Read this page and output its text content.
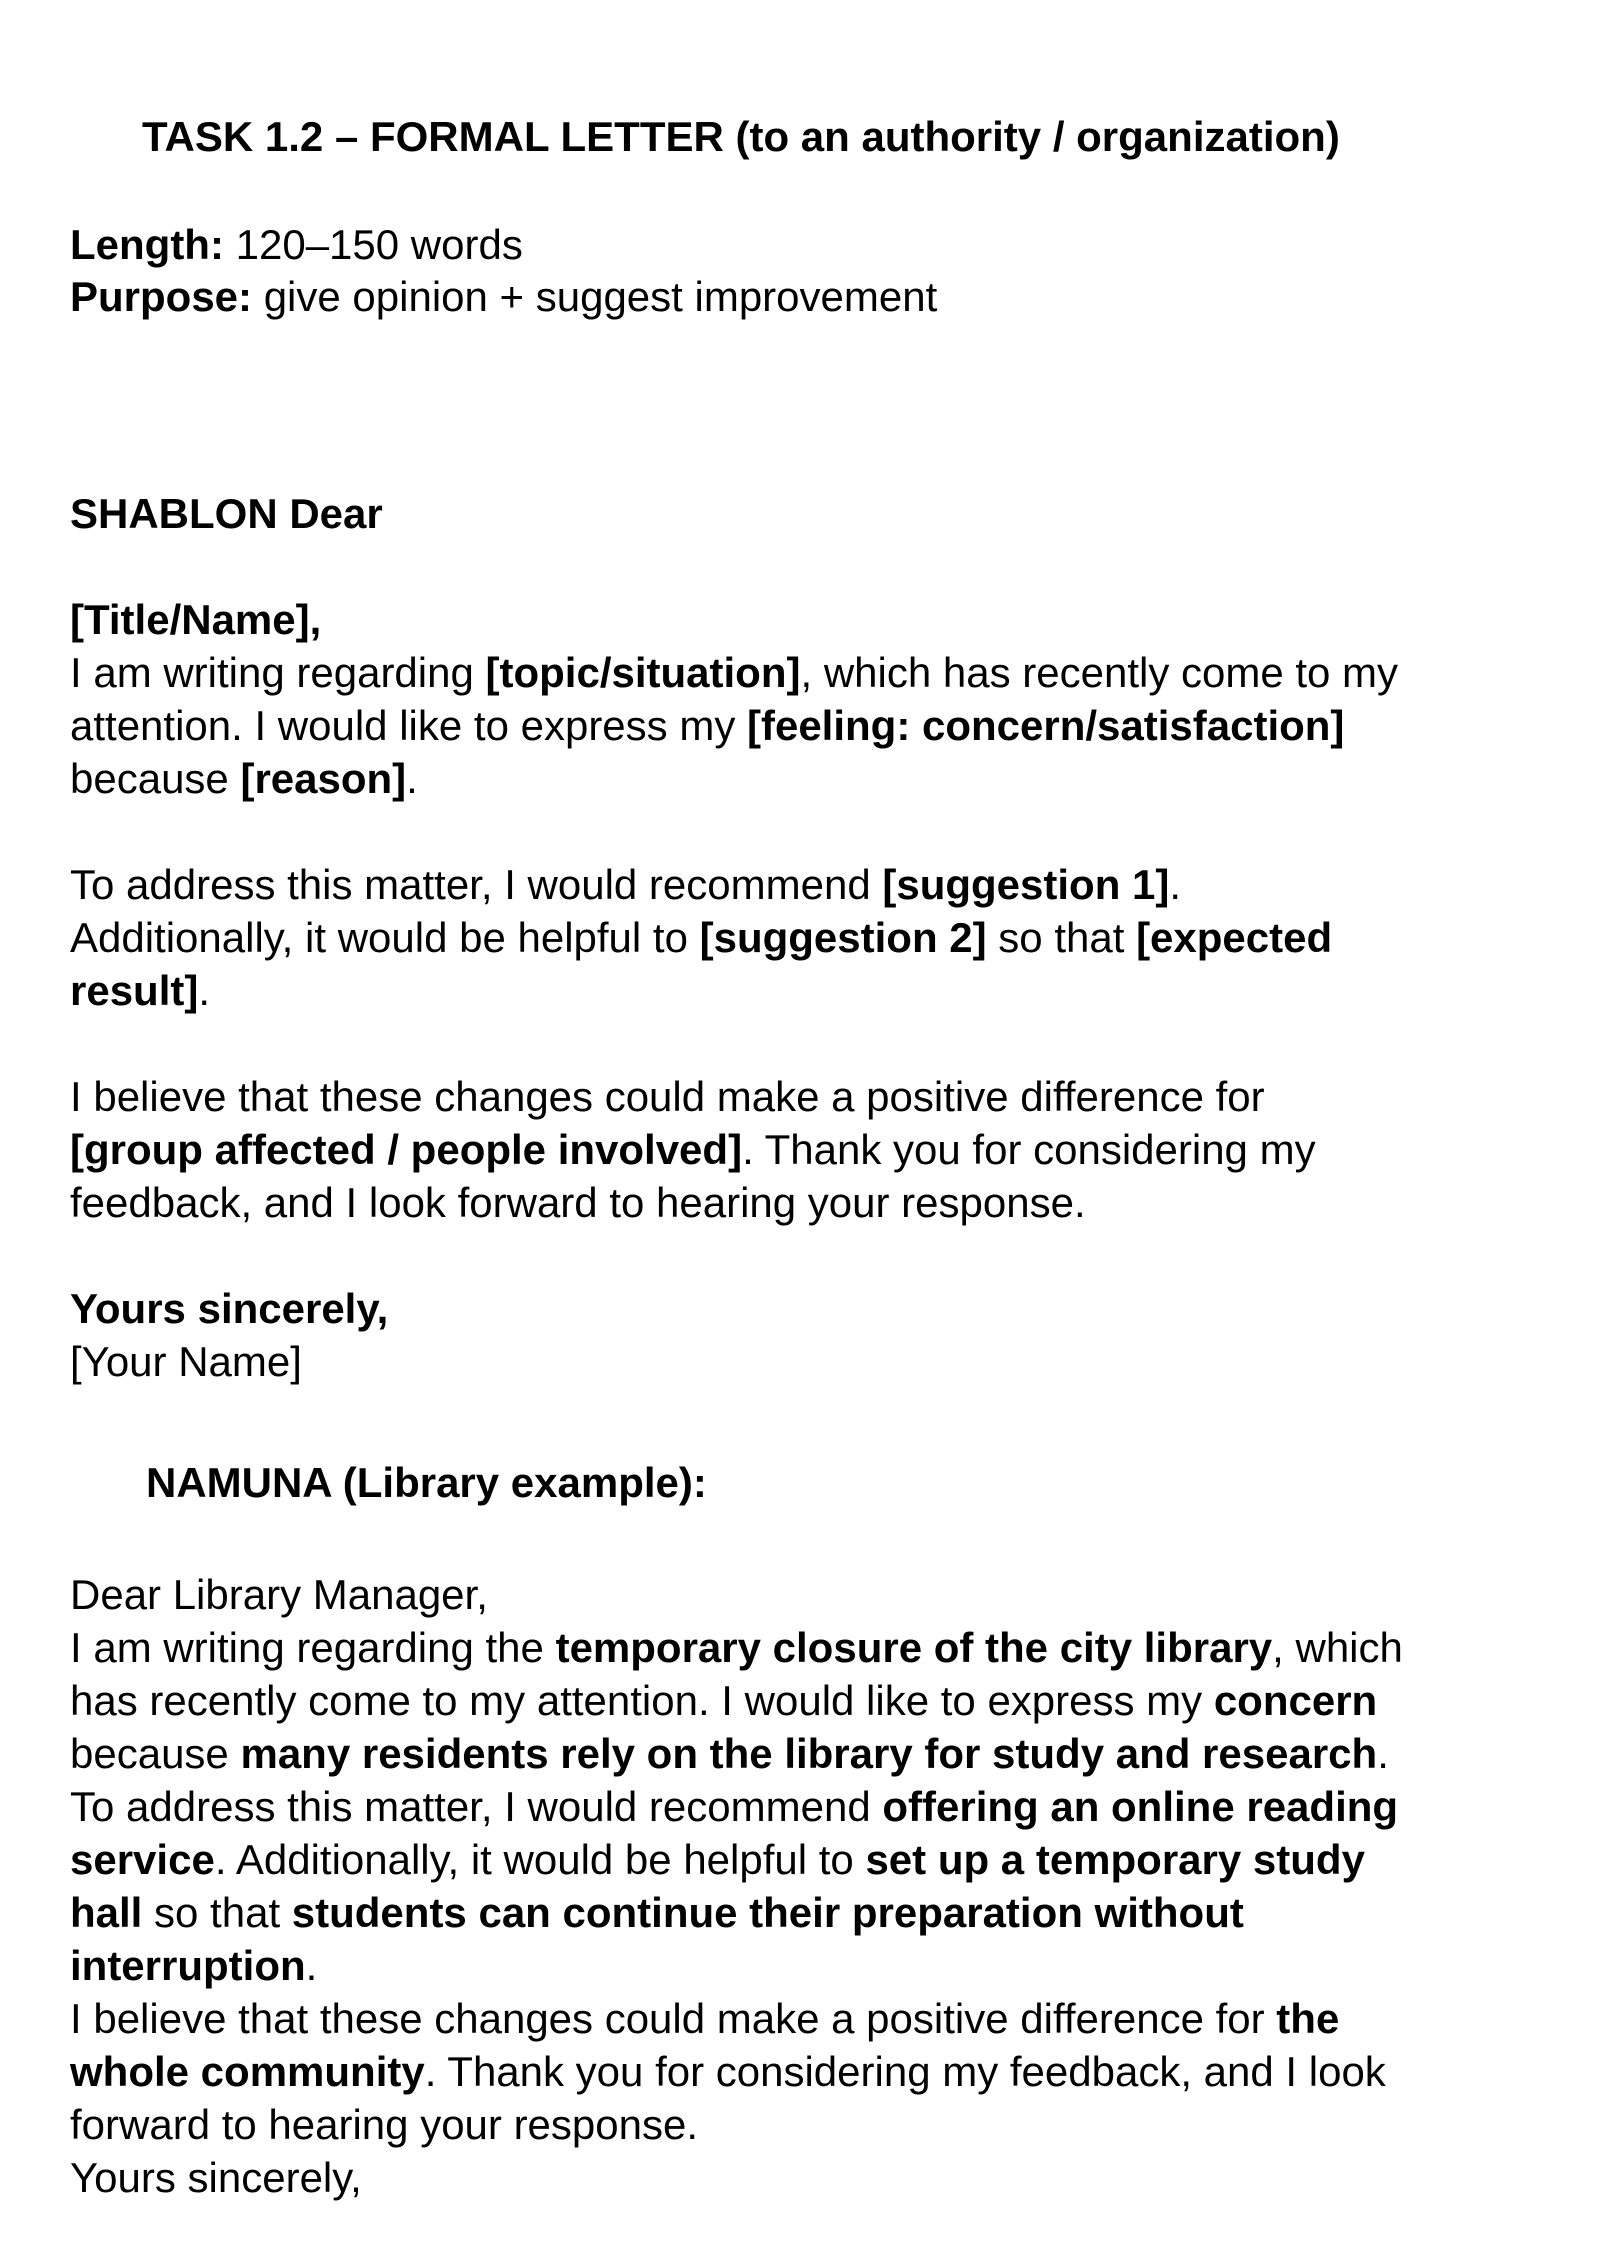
TASK 1.2 – FORMAL LETTER (to an authority / organization)
Length: 120–150 words
Purpose: give opinion + suggest improvement
SHABLON Dear
[Title/Name],
I am writing regarding [topic/situation], which has recently come to my
attention. I would like to express my [feeling: concern/satisfaction]
because [reason].
To address this matter, I would recommend [suggestion 1].
Additionally, it would be helpful to [suggestion 2] so that [expected
result].
I believe that these changes could make a positive difference for
[group affected / people involved]. Thank you for considering my
feedback, and I look forward to hearing your response.
Yours sincerely,
[Your Name]
NAMUNA (Library example):
Dear Library Manager,
I am writing regarding the temporary closure of the city library, which
has recently come to my attention. I would like to express my concern
because many residents rely on the library for study and research.
To address this matter, I would recommend offering an online reading
service. Additionally, it would be helpful to set up a temporary study
hall so that students can continue their preparation without
interruption.
I believe that these changes could make a positive difference for the
whole community. Thank you for considering my feedback, and I look
forward to hearing your response.
Yours sincerely,
